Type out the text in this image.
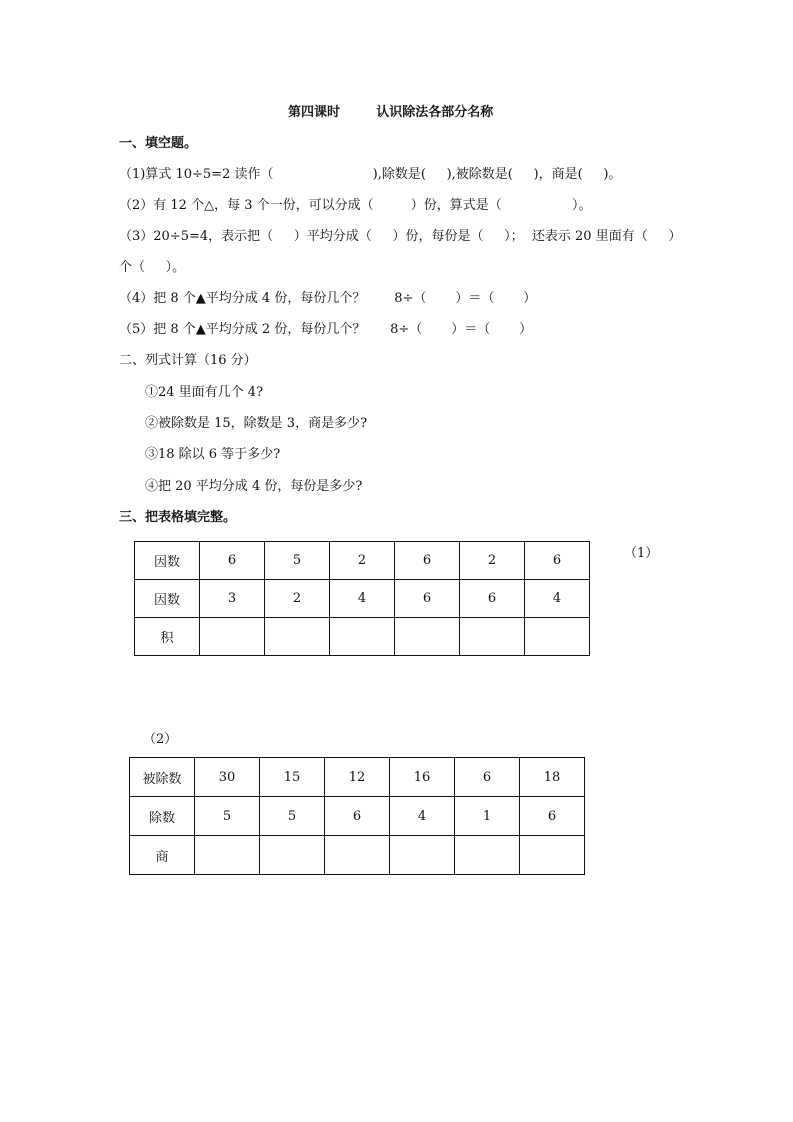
第四课时        认识除法各部分名称
一、填空题。
（1)算式 10÷5=2 读作（                        ),除数是(     ),被除数是(     )，商是(     )。
（2）有 12 个△，每 3 个一份，可以分成（         ）份，算式是（                 ）。
（3）20÷5=4，表示把（     ）平均分成（     ）份，每份是（     ）；  还表示 20 里面有（     ）
个（     ）。
（4）把 8 个▲平均分成 4 份，每份几个？       8÷（       ）＝（       ）
（5）把 8 个▲平均分成 2 份，每份几个？      8÷（       ）＝（       ）
二、列式计算（16 分）
①24 里面有几个 4?
②被除数是 15，除数是 3，商是多少?
③18 除以 6 等于多少?
④把 20 平均分成 4 份，每份是多少?
三、把表格填完整。
因数	6	5	2	6	2	6
因数	3	2	4	6	6	4
积						
（1）
（2）
被除数	30	15	12	16	6	18
除数	5	5	6	4	1	6
商						
